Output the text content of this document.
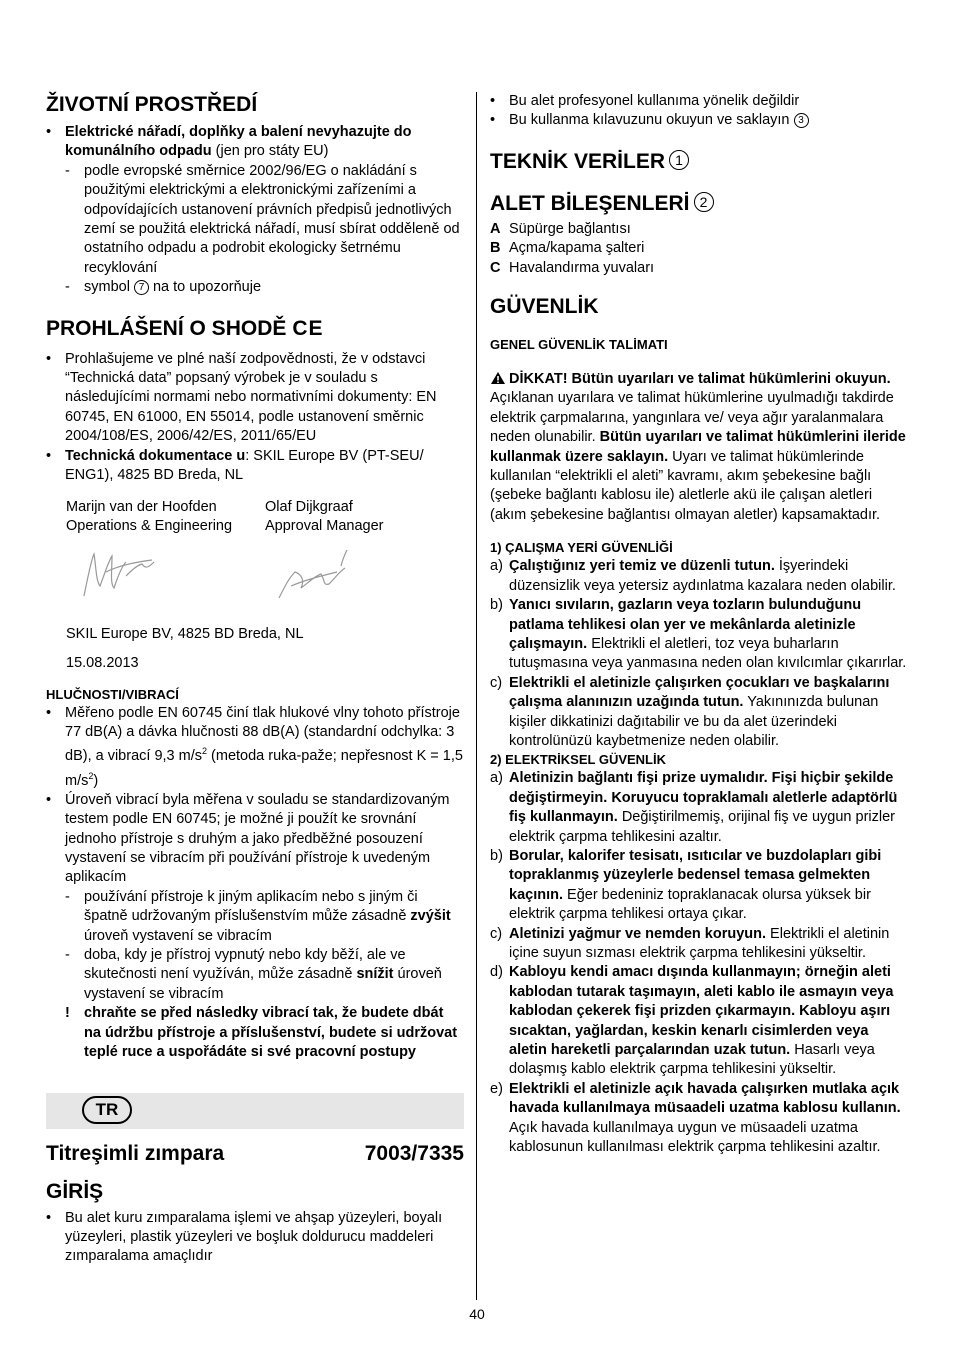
ŽIVOTNÍ PROSTŘEDÍ
• Elektrické nářadí, doplňky a balení nevyhazujte do komunálního odpadu (jen pro státy EU)
- podle evropské směrnice 2002/96/EG o nakládání s použitými elektrickými a elektronickými zařízeními a odpovídajících ustanovení právních předpisů jednotlivých zemí se použitá elektrická nářadí, musí sbírat odděleně od ostatního odpadu a podrobit ekologicky šetrnému recyklování
- symbol 7 na to upozorňuje
PROHLÁŠENÍ O SHODĚ CE
• Prohlašujeme ve plné naší zodpovědnosti, že v odstavci “Technická data” popsaný výrobek je v souladu s následujícími normami nebo normativními dokumenty: EN 60745, EN 61000, EN 55014, podle ustanovení směrnic 2004/108/ES, 2006/42/ES, 2011/65/EU
• Technická dokumentace u: SKIL Europe BV (PT-SEU/ ENG1), 4825 BD Breda, NL
Marijn van der Hoofden
Operations & Engineering
Olaf Dijkgraaf
Approval Manager
SKIL Europe BV, 4825 BD Breda, NL
15.08.2013
HLUČNOSTI/VIBRACÍ
• Měřeno podle EN 60745 činí tlak hlukové vlny tohoto přístroje 77 dB(A) a dávka hlučnosti 88 dB(A) (standardní odchylka: 3 dB), a vibrací 9,3 $m/s^2$ (metoda ruka-paže; nepřesnost K = 1,5 $m/s^2$)
• Úroveň vibrací byla měřena v souladu se standardizovaným testem podle EN 60745; je možné ji použít ke srovnání jednoho přístroje s druhým a jako předběžné posouzení vystavení se vibracím při používání přístroje k uvedeným aplikacím
- používání přístroje k jiným aplikacím nebo s jiným či špatně udržovaným příslušenstvím může zásadně zvýšit úroveň vystavení se vibracím
- doba, kdy je přístroj vypnutý nebo kdy běží, ale ve skutečnosti není využíván, může zásadně snížit úroveň vystavení se vibracím
! chraňte se před následky vibrací tak, že budete dbát na údržbu přístroje a příslušenství, budete si udržovat teplé ruce a uspořádáte si své pracovní postupy
TR
Titreşimli zımpara	7003/7335
GİRİŞ
• Bu alet kuru zımparalama işlemi ve ahşap yüzeyleri, boyalı yüzeyleri, plastik yüzeyleri ve boşluk doldurucu maddeleri zımparalama amaçlıdır
• Bu alet profesyonel kullanıma yönelik değildir
• Bu kullanma kılavuzunu okuyun ve saklayın 3
TEKNİK VERİLER 1
ALET BİLEŞENLERİ 2
A Süpürge bağlantısı
B Açma/kapama şalteri
C Havalandırma yuvaları
GÜVENLİK
GENEL GÜVENLİK TALİMATI
DİKKAT! Bütün uyarıları ve talimat hükümlerini okuyun. Açıklanan uyarılara ve talimat hükümlerine uyulmadığı takdirde elektrik çarpmalarına, yangınlara ve/ veya ağır yaralanmalara neden olunabilir. Bütün uyarıları ve talimat hükümlerini ileride kullanmak üzere saklayın. Uyarı ve talimat hükümlerinde kullanılan “elektrikli el aleti” kavramı, akım şebekesine bağlı (şebeke bağlantı kablosu ile) aletlerle akü ile çalışan aletleri (akım şebekesine bağlantısı olmayan aletler) kapsamaktadır.
1) ÇALIŞMA YERİ GÜVENLİĞİ
a) Çalıştığınız yeri temiz ve düzenli tutun. İşyerindeki düzensizlik veya yetersiz aydınlatma kazalara neden olabilir.
b) Yanıcı sıvıların, gazların veya tozların bulunduğunu patlama tehlikesi olan yer ve mekânlarda aletinizle çalışmayın. Elektrikli el aletleri, toz veya buharların tutuşmasına veya yanmasına neden olan kıvılcımlar çıkarırlar.
c) Elektrikli el aletinizle çalışırken çocukları ve başkalarını çalışma alanınızın uzağında tutun. Yakınınızda bulunan kişiler dikkatinizi dağıtabilir ve bu da alet üzerindeki kontrolünüzü kaybetmenize neden olabilir.
2) ELEKTRİKSEL GÜVENLİK
a) Aletinizin bağlantı fişi prize uymalıdır. Fişi hiçbir şekilde değiştirmeyin. Koruyucu topraklamalı aletlerle adaptörlü fiş kullanmayın. Değiştirilmemiş, orijinal fiş ve uygun prizler elektrik çarpma tehlikesini azaltır.
b) Borular, kalorifer tesisatı, ısıtıcılar ve buzdolapları gibi topraklanmış yüzeylerle bedensel temasa gelmekten kaçının. Eğer bedeniniz topraklanacak olursa yüksek bir elektrik çarpma tehlikesi ortaya çıkar.
c) Aletinizi yağmur ve nemden koruyun. Elektrikli el aletinin içine suyun sızması elektrik çarpma tehlikesini yükseltir.
d) Kabloyu kendi amacı dışında kullanmayın; örneğin aleti kablodan tutarak taşımayın, aleti kablo ile asmayın veya kablodan çekerek fişi prizden çıkarmayın. Kabloyu aşırı sıcaktan, yağlardan, keskin kenarlı cisimlerden veya aletin hareketli parçalarından uzak tutun. Hasarlı veya dolaşmış kablo elektrik çarpma tehlikesini yükseltir.
e) Elektrikli el aletinizle açık havada çalışırken mutlaka açık havada kullanılmaya müsaadeli uzatma kablosu kullanın. Açık havada kullanılmaya uygun ve müsaadeli uzatma kablosunun kullanılması elektrik çarpma tehlikesini azaltır.
40
